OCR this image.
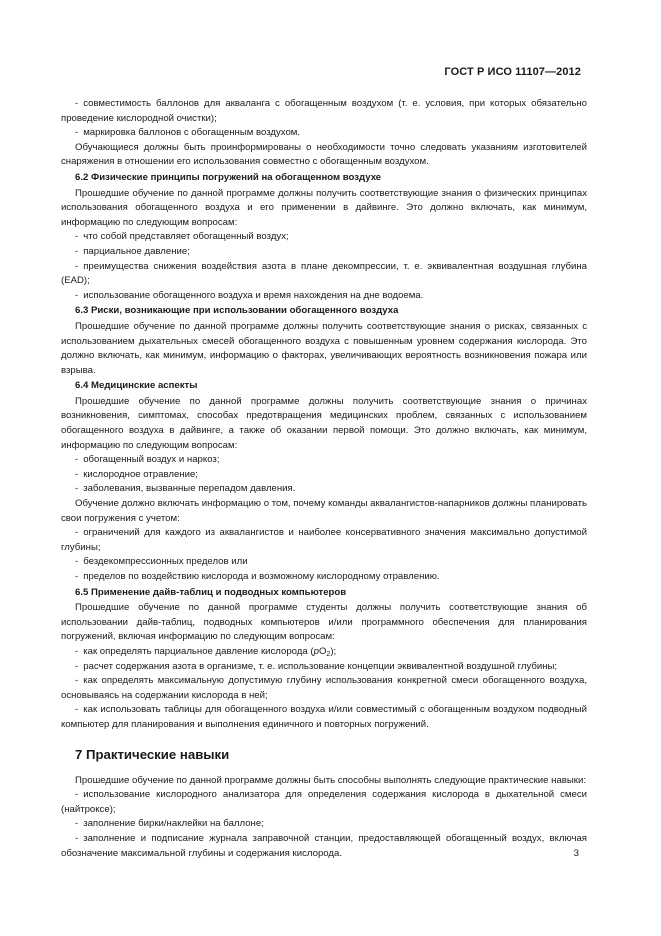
ГОСТ Р ИСО 11107—2012

- совместимость баллонов для акваланга с обогащенным воздухом (т. е. условия, при которых обязательно проведение кислородной очистки);

- маркировка баллонов с обогащенным воздухом.

Обучающиеся должны быть проинформированы о необходимости точно следовать указаниям изготовителей снаряжения в отношении его использования совместно с обогащенным воздухом.

6.2 Физические принципы погружений на обогащенном воздухе

Прошедшие обучение по данной программе должны получить соответствующие знания о физических принципах использования обогащенного воздуха и его применении в дайвинге. Это должно включать, как минимум, информацию по следующим вопросам:

- что собой представляет обогащенный воздух;

- парциальное давление;

- преимущества снижения воздействия азота в плане декомпрессии, т. е. эквивалентная воздушная глубина (EAD);

- использование обогащенного воздуха и время нахождения на дне водоема.

6.3 Риски, возникающие при использовании обогащенного воздуха

Прошедшие обучение по данной программе должны получить соответствующие знания о рисках, связанных с использованием дыхательных смесей обогащенного воздуха с повышенным уровнем содержания кислорода. Это должно включать, как минимум, информацию о факторах, увеличивающих вероятность возникновения пожара или взрыва.

6.4 Медицинские аспекты

Прошедшие обучение по данной программе должны получить соответствующие знания о причинах возникновения, симптомах, способах предотвращения медицинских проблем, связанных с использованием обогащенного воздуха в дайвинге, а также об оказании первой помощи. Это должно включать, как минимум, информацию по следующим вопросам:

- обогащенный воздух и наркоз;

- кислородное отравление;

- заболевания, вызванные перепадом давления.

Обучение должно включать информацию о том, почему команды аквалангистов-напарников должны планировать свои погружения с учетом:

- ограничений для каждого из аквалангистов и наиболее консервативного значения максимально допустимой глубины;

- бездекомпрессионных пределов или

- пределов по воздействию кислорода и возможному кислородному отравлению.

6.5 Применение дайв-таблиц и подводных компьютеров

Прошедшие обучение по данной программе студенты должны получить соответствующие знания об использовании дайв-таблиц, подводных компьютеров и/или программного обеспечения для планирования погружений, включая информацию по следующим вопросам:

- как определять парциальное давление кислорода $(pO_2)$;

- расчет содержания азота в организме, т. е. использование концепции эквивалентной воздушной глубины;

- как определять максимальную допустимую глубину использования конкретной смеси обогащенного воздуха, основываясь на содержании кислорода в ней;

- как использовать таблицы для обогащенного воздуха и/или совместимый с обогащенным воздухом подводный компьютер для планирования и выполнения единичного и повторных погружений.

7 Практические навыки

Прошедшие обучение по данной программе должны быть способны выполнять следующие практические навыки:

- использование кислородного анализатора для определения содержания кислорода в дыхательной смеси (найтроксе);

- заполнение бирки/наклейки на баллоне;

- заполнение и подписание журнала заправочной станции, предоставляющей обогащенный воздух, включая обозначение максимальной глубины и содержания кислорода.	3
